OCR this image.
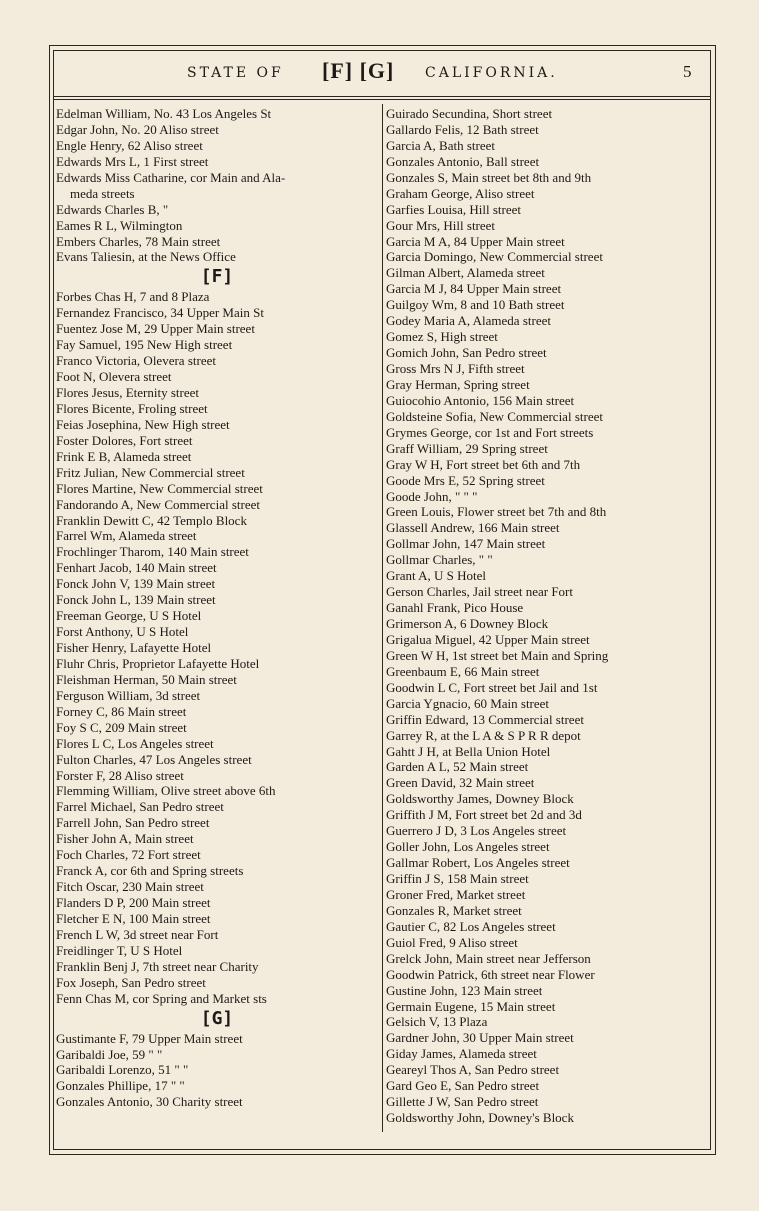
STATE OF [F] [G] CALIFORNIA.	5
Edelman William, No. 43 Los Angeles St
Edgar John, No. 20 Aliso street
Engle Henry, 62 Aliso street
Edwards Mrs L, 1 First street
Edwards Miss Catharine, cor Main and Ala-
meda streets
Edwards Charles B, "
Eames R L, Wilmington
Embers Charles, 78 Main street
Evans Taliesin, at the News Office
[F]
Forbes Chas H, 7 and 8 Plaza
Fernandez Francisco, 34 Upper Main St
Fuentez Jose M, 29 Upper Main street
Fay Samuel, 195 New High street
Franco Victoria, Olevera street
Foot N, Olevera street
Flores Jesus, Eternity street
Flores Bicente, Froling street
Feias Josephina, New High street
Foster Dolores, Fort street
Frink E B, Alameda street
Fritz Julian, New Commercial street
Flores Martine, New Commercial street
Fandorando A, New Commercial street
Franklin Dewitt C, 42 Templo Block
Farrel Wm, Alameda street
Frochlinger Tharom, 140 Main street
Fenhart Jacob, 140 Main street
Fonck John V, 139 Main street
Fonck John L, 139 Main street
Freeman George, U S Hotel
Forst Anthony, U S Hotel
Fisher Henry, Lafayette Hotel
Fluhr Chris, Proprietor Lafayette Hotel
Fleishman Herman, 50 Main street
Ferguson William, 3d street
Forney C, 86 Main street
Foy S C, 209 Main street
Flores L C, Los Angeles street
Fulton Charles, 47 Los Angeles street
Forster F, 28 Aliso street
Flemming William, Olive street above 6th
Farrel Michael, San Pedro street
Farrell John, San Pedro street
Fisher John A, Main street
Foch Charles, 72 Fort street
Franck A, cor 6th and Spring streets
Fitch Oscar, 230 Main street
Flanders D P, 200 Main street
Fletcher E N, 100 Main street
French L W, 3d street near Fort
Freidlinger T, U S Hotel
Franklin Benj J, 7th street near Charity
Fox Joseph, San Pedro street
Fenn Chas M, cor Spring and Market sts
[G]
Gustimante F, 79 Upper Main street
Garibaldi Joe, 59 " "
Garibaldi Lorenzo, 51 " "
Gonzales Phillipe, 17 " "
Gonzales Antonio, 30 Charity street
Guirado Secundina, Short street
Gallardo Felis, 12 Bath street
Garcia A, Bath street
Gonzales Antonio, Ball street
Gonzales S, Main street bet 8th and 9th
Graham George, Aliso street
Garfies Louisa, Hill street
Gour Mrs, Hill street
Garcia M A, 84 Upper Main street
Garcia Domingo, New Commercial street
Gilman Albert, Alameda street
Garcia M J, 84 Upper Main street
Guilgoy Wm, 8 and 10 Bath street
Godey Maria A, Alameda street
Gomez S, High street
Gomich John, San Pedro street
Gross Mrs N J, Fifth street
Gray Herman, Spring street
Guiocohio Antonio, 156 Main street
Goldsteine Sofia, New Commercial street
Grymes George, cor 1st and Fort streets
Graff William, 29 Spring street
Gray W H, Fort street bet 6th and 7th
Goode Mrs E, 52 Spring street
Goode John, " " "
Green Louis, Flower street bet 7th and 8th
Glassell Andrew, 166 Main street
Gollmar John, 147 Main street
Gollmar Charles, " "
Grant A, U S Hotel
Gerson Charles, Jail street near Fort
Ganahl Frank, Pico House
Grimerson A, 6 Downey Block
Grigalua Miguel, 42 Upper Main street
Green W H, 1st street bet Main and Spring
Greenbaum E, 66 Main street
Goodwin L C, Fort street bet Jail and 1st
Garcia Ygnacio, 60 Main street
Griffin Edward, 13 Commercial street
Garrey R, at the L A & S P R R depot
Gahtt J H, at Bella Union Hotel
Garden A L, 52 Main street
Green David, 32 Main street
Goldsworthy James, Downey Block
Griffith J M, Fort street bet 2d and 3d
Guerrero J D, 3 Los Angeles street
Goller John, Los Angeles street
Gallmar Robert, Los Angeles street
Griffin J S, 158 Main street
Groner Fred, Market street
Gonzales R, Market street
Gautier C, 82 Los Angeles street
Guiol Fred, 9 Aliso street
Grelck John, Main street near Jefferson
Goodwin Patrick, 6th street near Flower
Gustine John, 123 Main street
Germain Eugene, 15 Main street
Gelsich V, 13 Plaza
Gardner John, 30 Upper Main street
Giday James, Alameda street
Geareyl Thos A, San Pedro street
Gard Geo E, San Pedro street
Gillette J W, San Pedro street
Goldsworthy John, Downey's Block
